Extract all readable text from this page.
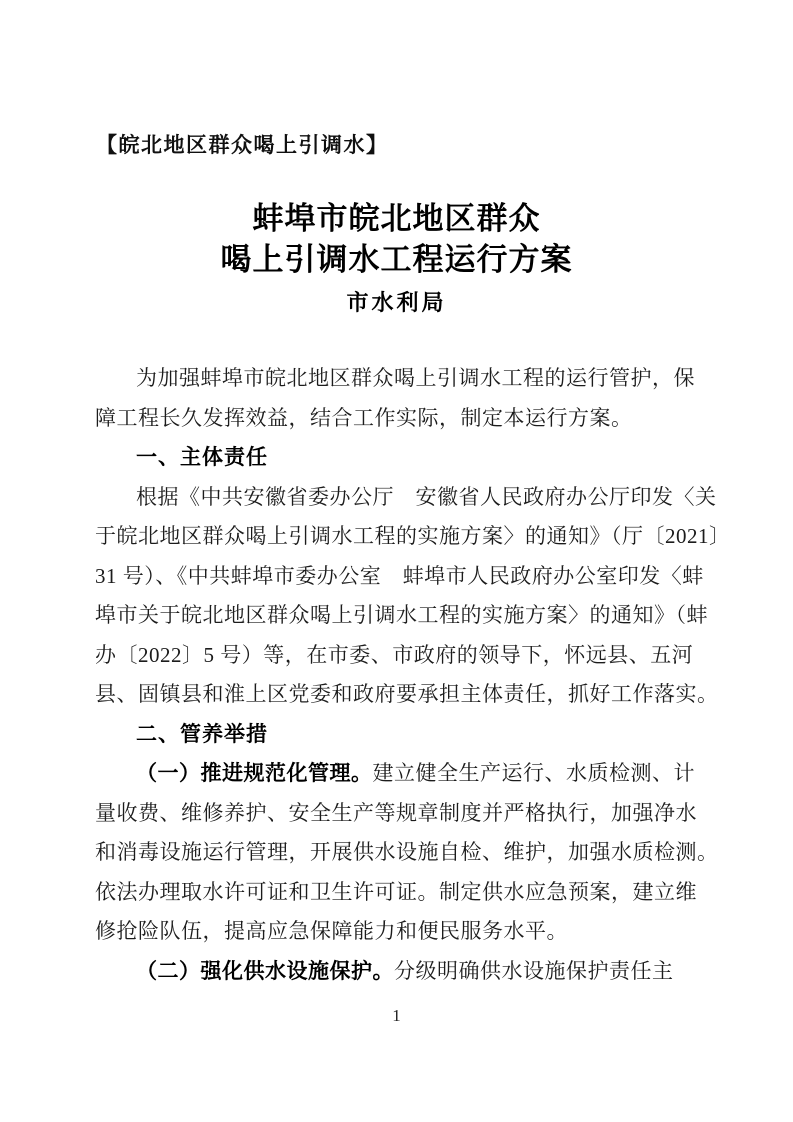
【皖北地区群众喝上引调水】
蚌埠市皖北地区群众
喝上引调水工程运行方案
市水利局
为加强蚌埠市皖北地区群众喝上引调水工程的运行管护，保
障工程长久发挥效益，结合工作实际，制定本运行方案。
一、主体责任
根据《中共安徽省委办公厅　安徽省人民政府办公厅印发〈关
于皖北地区群众喝上引调水工程的实施方案〉的通知》（厅〔2021〕
31 号）、《中共蚌埠市委办公室　蚌埠市人民政府办公室印发〈蚌
埠市关于皖北地区群众喝上引调水工程的实施方案〉的通知》（蚌
办〔2022〕5 号）等，在市委、市政府的领导下，怀远县、五河
县、固镇县和淮上区党委和政府要承担主体责任，抓好工作落实。
二、管养举措
（一）推进规范化管理。建立健全生产运行、水质检测、计
量收费、维修养护、安全生产等规章制度并严格执行，加强净水
和消毒设施运行管理，开展供水设施自检、维护，加强水质检测。
依法办理取水许可证和卫生许可证。制定供水应急预案，建立维
修抢险队伍，提高应急保障能力和便民服务水平。
（二）强化供水设施保护。分级明确供水设施保护责任主
1
